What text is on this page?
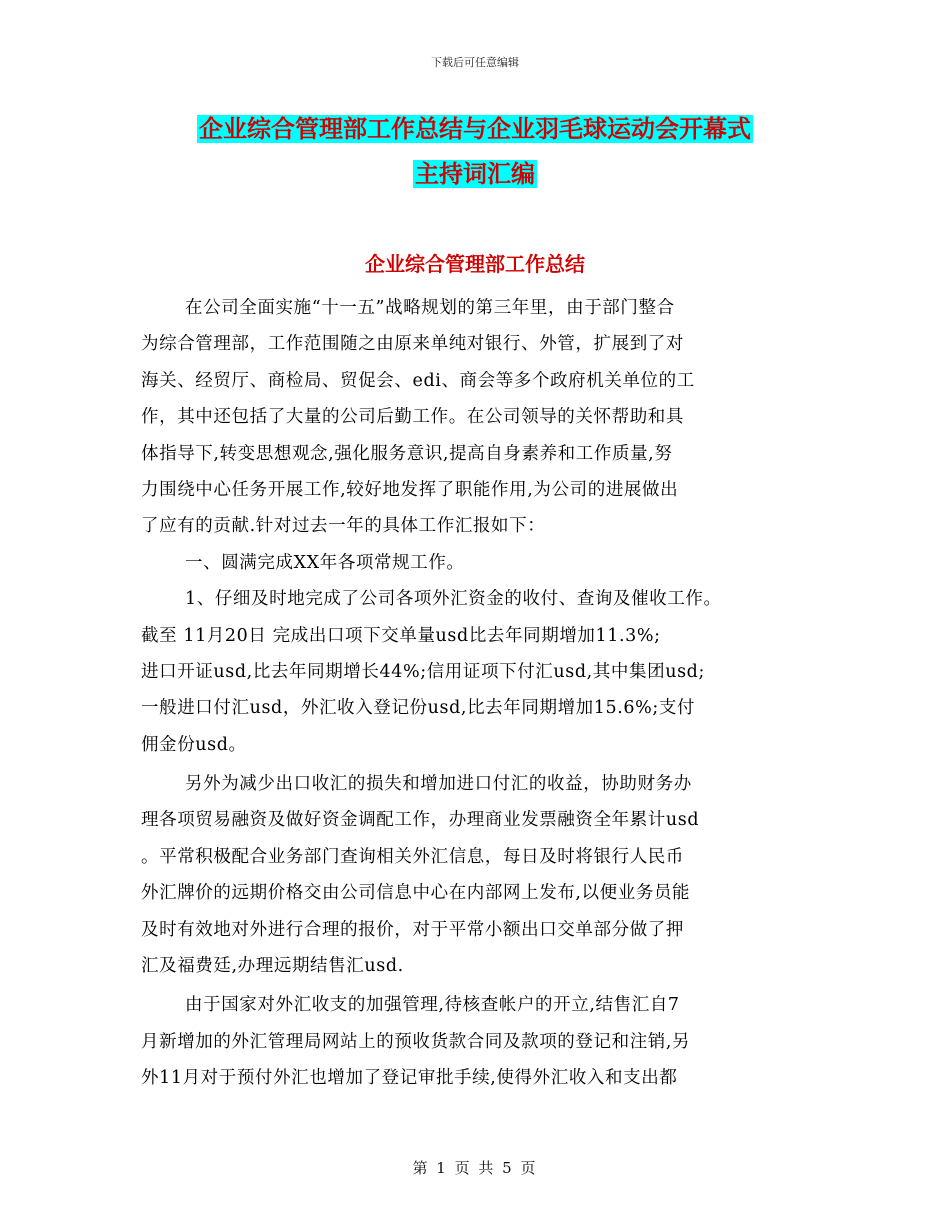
下载后可任意编辑
企业综合管理部工作总结与企业羽毛球运动会开幕式
主持词汇编
企业综合管理部工作总结
在公司全面实施“十一五”战略规划的第三年里，由于部门整合
为综合管理部，工作范围随之由原来单纯对银行、外管，扩展到了对
海关、经贸厅、商检局、贸促会、edi、商会等多个政府机关单位的工
作，其中还包括了大量的公司后勤工作。在公司领导的关怀帮助和具
体指导下,转变思想观念,强化服务意识,提高自身素养和工作质量,努
力围绕中心任务开展工作,较好地发挥了职能作用,为公司的进展做出
了应有的贡献.针对过去一年的具体工作汇报如下：
一、圆满完成XX年各项常规工作。
1、仔细及时地完成了公司各项外汇资金的收付、查询及催收工作。
截至 11月20日 完成出口项下交单量usd比去年同期增加11.3%;
进口开证usd,比去年同期增长44%;信用证项下付汇usd,其中集团usd;
一般进口付汇usd，外汇收入登记份usd,比去年同期增加15.6%;支付
佣金份usd。
另外为减少出口收汇的损失和增加进口付汇的收益，协助财务办
理各项贸易融资及做好资金调配工作，办理商业发票融资全年累计usd
。平常积极配合业务部门查询相关外汇信息，每日及时将银行人民币
外汇牌价的远期价格交由公司信息中心在内部网上发布,以便业务员能
及时有效地对外进行合理的报价，对于平常小额出口交单部分做了押
汇及福费廷,办理远期结售汇usd.
由于国家对外汇收支的加强管理,待核查帐户的开立,结售汇自7
月新增加的外汇管理局网站上的预收货款合同及款项的登记和注销,另
外11月对于预付外汇也增加了登记审批手续,使得外汇收入和支出都
第 1 页 共 5 页
